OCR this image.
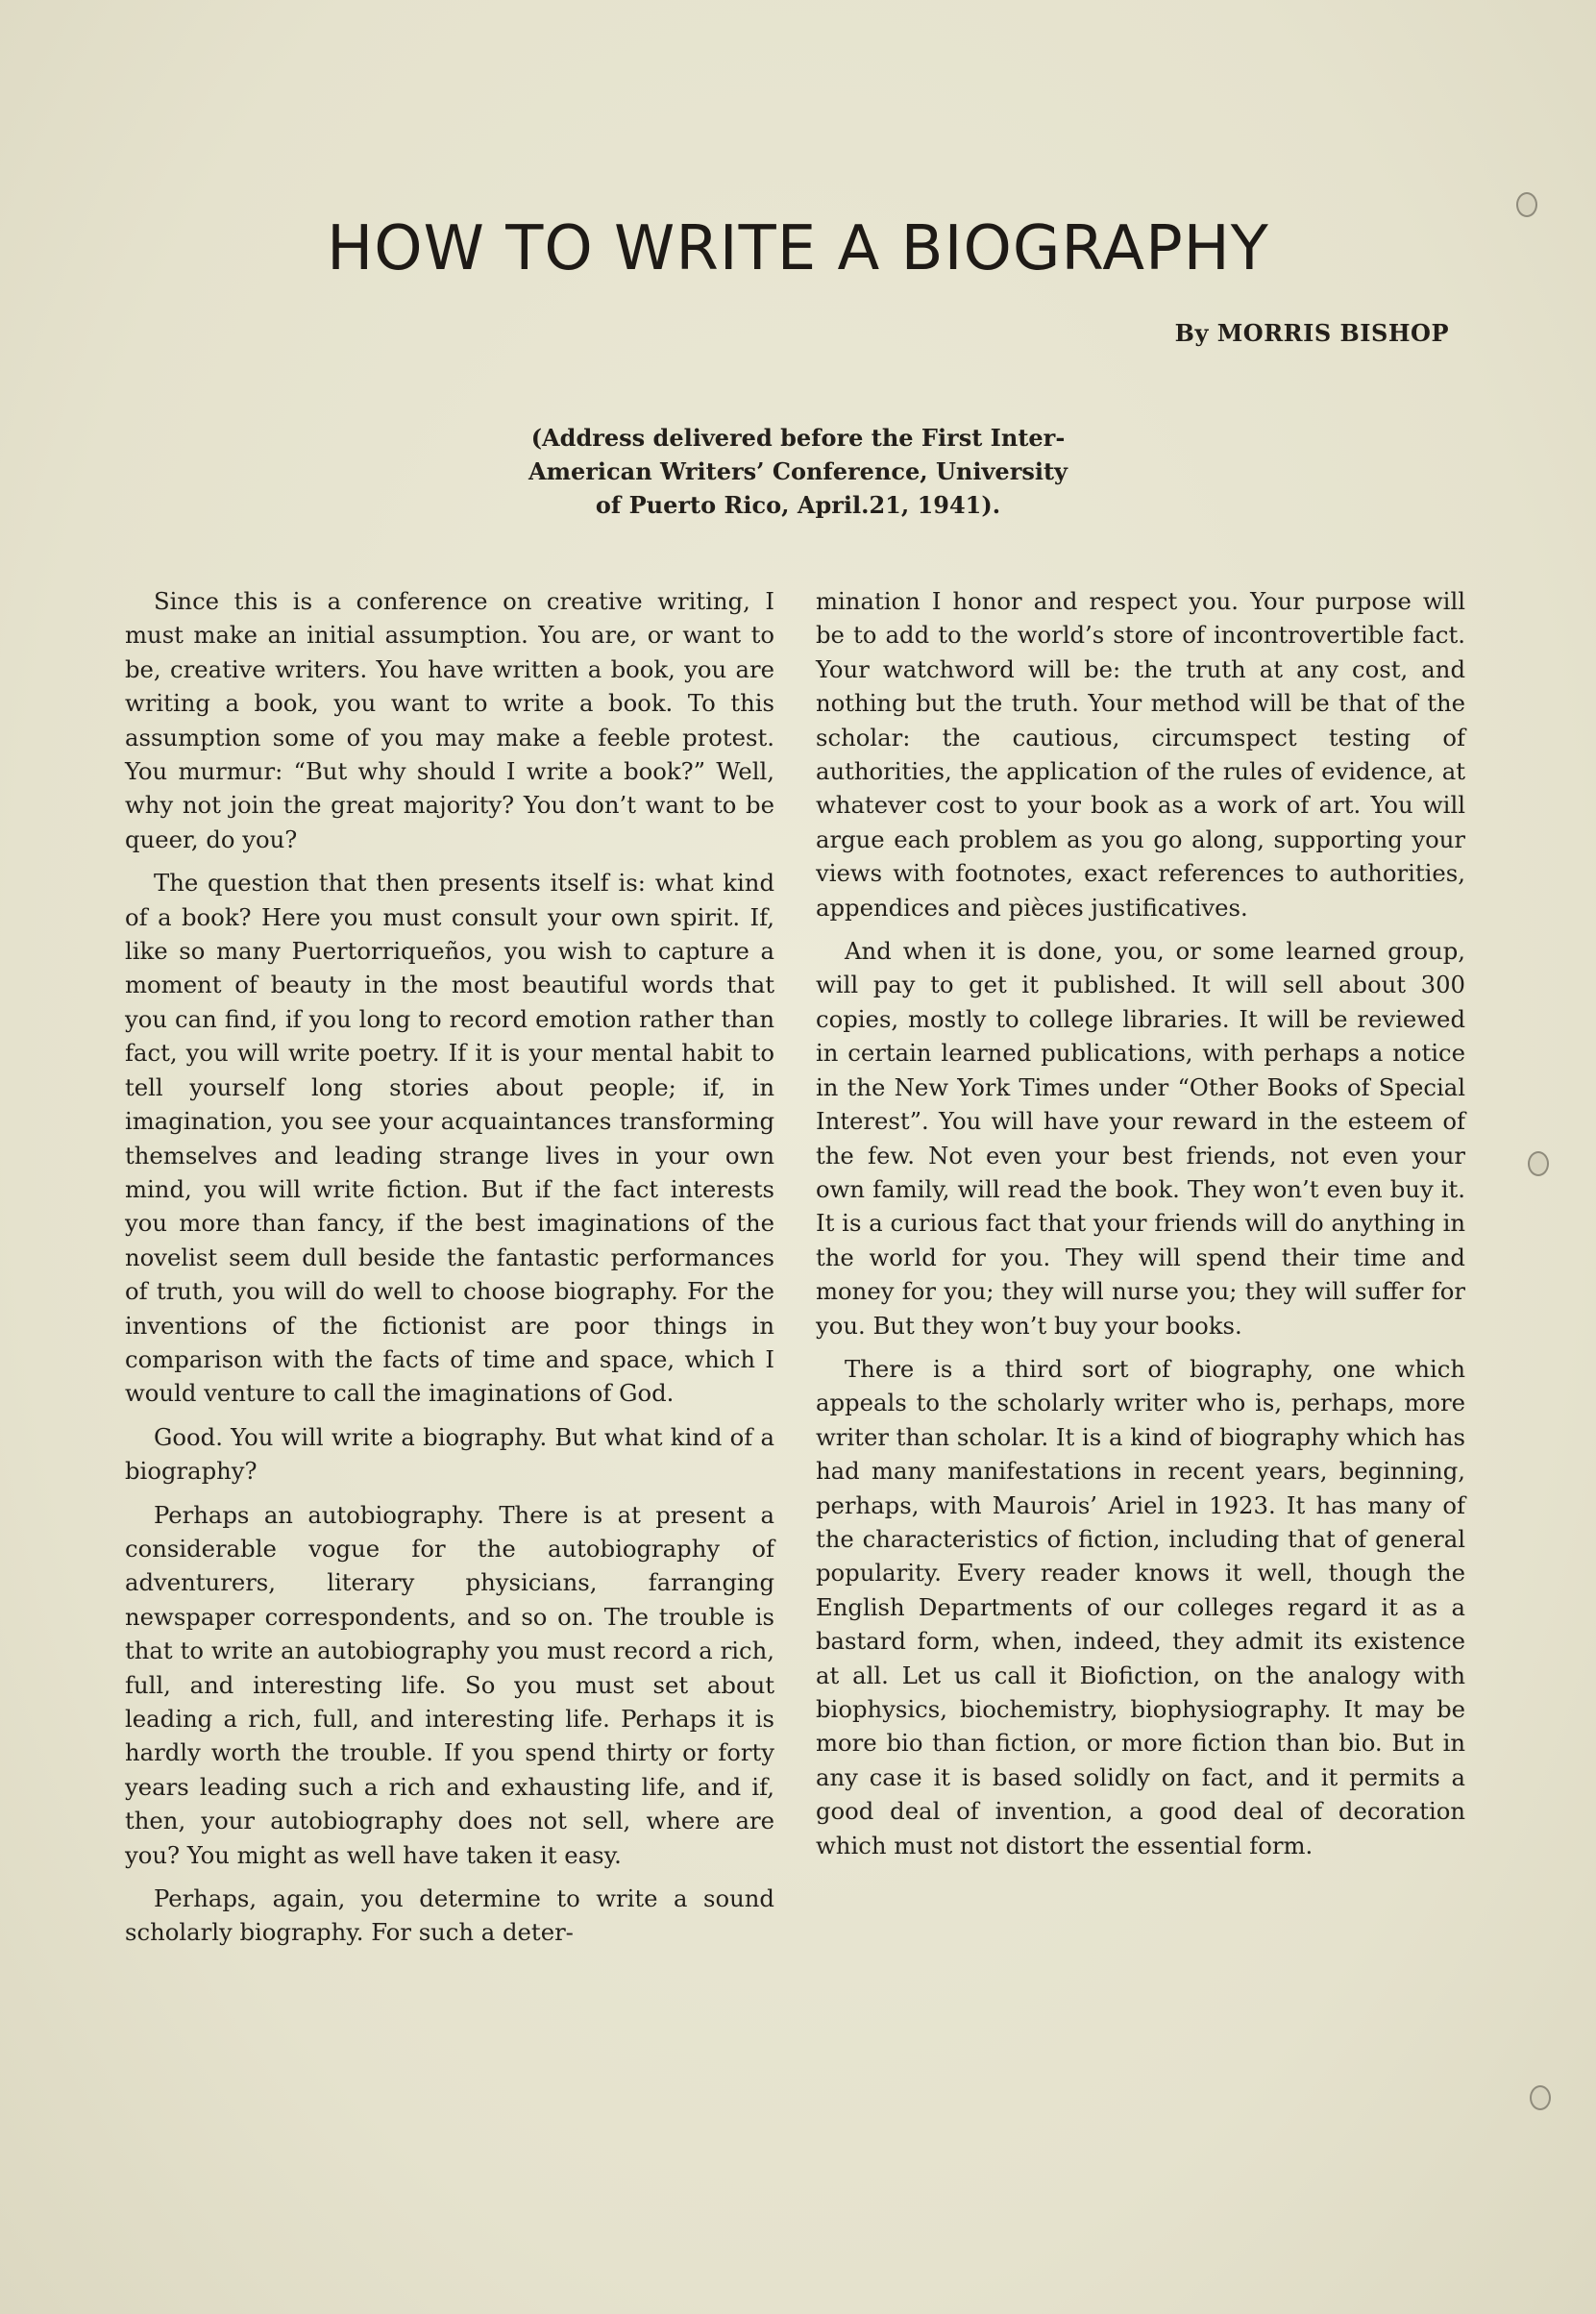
HOW TO WRITE A BIOGRAPHY
By MORRIS BISHOP
(Address delivered before the First Inter-
American Writers’ Conference, University
of Puerto Rico, April.21, 1941).

Since this is a conference on creative writing, I must make an initial assumption. You are, or want to be, creative writers. You have written a book, you are writing a book, you want to write a book. To this assumption some of you may make a feeble protest. You murmur: “But why should I write a book?” Well, why not join the great majority? You don’t want to be queer, do you?

The question that then presents itself is: what kind of a book? Here you must consult your own spirit. If, like so many Puertorriqueños, you wish to capture a moment of beauty in the most beautiful words that you can find, if you long to record emotion rather than fact, you will write poetry. If it is your mental habit to tell yourself long stories about people; if, in imagination, you see your acquaintances transforming themselves and leading strange lives in your own mind, you will write fiction. But if the fact interests you more than fancy, if the best imaginations of the novelist seem dull beside the fantastic performances of truth, you will do well to choose biography. For the inventions of the fictionist are poor things in comparison with the facts of time and space, which I would venture to call the imaginations of God.

Good. You will write a biography. But what kind of a biography?

Perhaps an autobiography. There is at present a considerable vogue for the autobiography of adventurers, literary physicians, farranging newspaper correspondents, and so on. The trouble is that to write an autobiography you must record a rich, full, and interesting life. So you must set about leading a rich, full, and interesting life. Perhaps it is hardly worth the trouble. If you spend thirty or forty years leading such a rich and exhausting life, and if, then, your autobiography does not sell, where are you? You might as well have taken it easy.

Perhaps, again, you determine to write a sound scholarly biography. For such a deter-

mination I honor and respect you. Your purpose will be to add to the world’s store of incontrovertible fact. Your watchword will be: the truth at any cost, and nothing but the truth. Your method will be that of the scholar: the cautious, circumspect testing of authorities, the application of the rules of evidence, at whatever cost to your book as a work of art. You will argue each problem as you go along, supporting your views with footnotes, exact references to authorities, appendices and pièces justificatives.

And when it is done, you, or some learned group, will pay to get it published. It will sell about 300 copies, mostly to college libraries. It will be reviewed in certain learned publications, with perhaps a notice in the New York Times under “Other Books of Special Interest”. You will have your reward in the esteem of the few. Not even your best friends, not even your own family, will read the book. They won’t even buy it. It is a curious fact that your friends will do anything in the world for you. They will spend their time and money for you; they will nurse you; they will suffer for you. But they won’t buy your books.

There is a third sort of biography, one which appeals to the scholarly writer who is, perhaps, more writer than scholar. It is a kind of biography which has had many manifestations in recent years, beginning, perhaps, with Maurois’ Ariel in 1923. It has many of the characteristics of fiction, including that of general popularity. Every reader knows it well, though the English Departments of our colleges regard it as a bastard form, when, indeed, they admit its existence at all. Let us call it Biofiction, on the analogy with biophysics, biochemistry, biophysiography. It may be more bio than fiction, or more fiction than bio. But in any case it is based solidly on fact, and it permits a good deal of invention, a good deal of decoration which must not distort the essential form.
